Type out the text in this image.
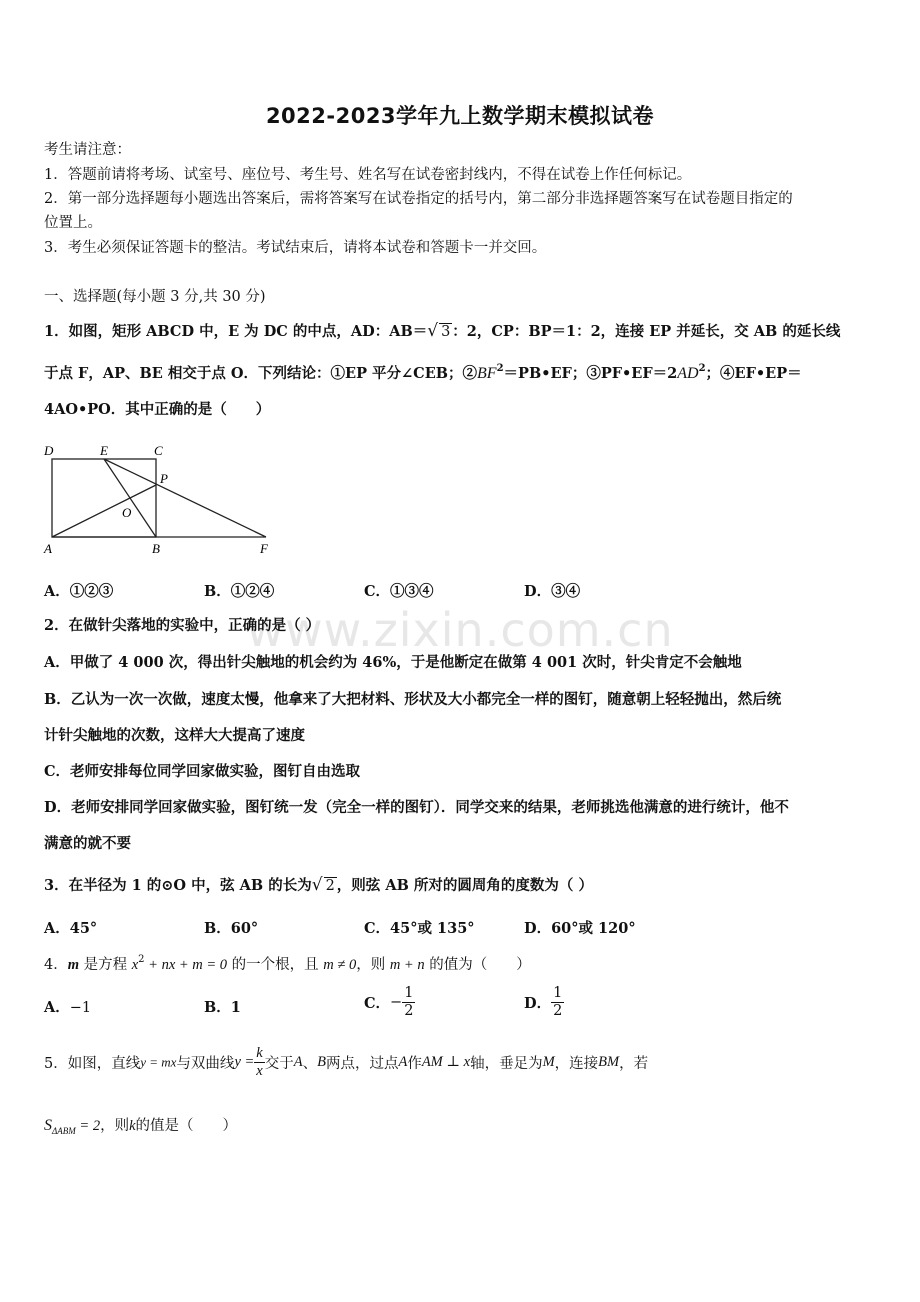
www.zixin.com.cn
2022-2023学年九上数学期末模拟试卷
考生请注意：
1．答题前请将考场、试室号、座位号、考生号、姓名写在试卷密封线内，不得在试卷上作任何标记。
2．第一部分选择题每小题选出答案后，需将答案写在试卷指定的括号内，第二部分非选择题答案写在试卷题目指定的
位置上。
3．考生必须保证答题卡的整洁。考试结束后，请将本试卷和答题卡一并交回。
一、选择题(每小题 3 分,共 30 分)
1．如图，矩形 ABCD 中，E 为 DC 的中点，AD：AB＝√ 3 ：2，CP：BP＝1：2，连接 EP 并延长，交 AB 的延长线
于点 F，AP、BE 相交于点 O．下列结论：①EP 平分∠CEB；$②BF^2=PB•EF$；$③PF•EF=2AD^2$；④EF•EP＝
4AO•PO．其中正确的是（　　）
D	E	C
P
O
A	B	F
A．①②③	B．①②④	C．①③④	D．③④
2．在做针尖落地的实验中，正确的是（ ）
A．甲做了 4 000 次，得出针尖触地的机会约为 46%，于是他断定在做第 4 001 次时，针尖肯定不会触地
B．乙认为一次一次做，速度太慢，他拿来了大把材料、形状及大小都完全一样的图钉，随意朝上轻轻抛出，然后统
计针尖触地的次数，这样大大提高了速度
C．老师安排每位同学回家做实验，图钉自由选取
D．老师安排同学回家做实验，图钉统一发（完全一样的图钉）．同学交来的结果，老师挑选他满意的进行统计，他不
满意的就不要
3．在半径为 1 的⊙O 中，弦 AB 的长为√ 2 ，则弦 AB 所对的圆周角的度数为（ ）
A．45°	B．60°	C．45°或 135°	D．60°或 120°
4．m 是方程 $x^2$ + nx + m = 0 的一个根，且 m ≠ 0，则 m + n 的值为（　　）
A．−1	B．1	C．− $\frac{1}{2}$	D． $\frac{1}{2}$
5．如图，直线y = mx与双曲线$y = \frac{k}{x}$ 交于A、B两点，过点A作AM ⊥ x轴，垂足为M，连接BM，若
$S_{\Delta ABM} = 2$，则k的值是（　　）
